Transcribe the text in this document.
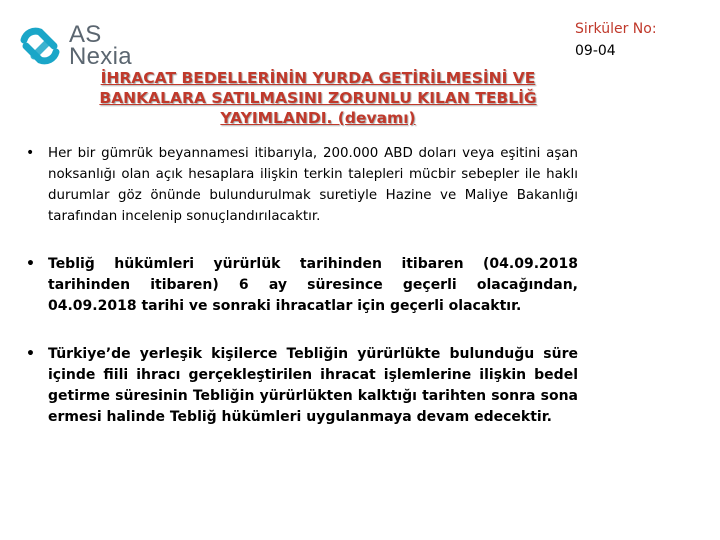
AS
Nexia
Sirküler No:
09-04
İHRACAT BEDELLERİNİN YURDA GETİRİLMESİNİ VE
BANKALARA SATILMASINI ZORUNLU KILAN TEBLİĞ
YAYIMLANDI. (devamı)
• Her bir gümrük beyannamesi itibarıyla, 200.000 ABD doları veya eşitini aşan noksanlığı olan açık hesaplara ilişkin terkin talepleri mücbir sebepler ile haklı durumlar göz önünde bulundurulmak suretiyle Hazine ve Maliye Bakanlığı tarafından incelenip sonuçlandırılacaktır.
• Tebliğ hükümleri yürürlük tarihinden itibaren (04.09.2018 tarihinden itibaren) 6 ay süresince geçerli olacağından, 04.09.2018 tarihi ve sonraki ihracatlar için geçerli olacaktır.
• Türkiye’de yerleşik kişilerce Tebliğin yürürlükte bulunduğu süre içinde fiili ihracı gerçekleştirilen ihracat işlemlerine ilişkin bedel getirme süresinin Tebliğin yürürlükten kalktığı tarihten sonra sona ermesi halinde Tebliğ hükümleri uygulanmaya devam edecektir.
